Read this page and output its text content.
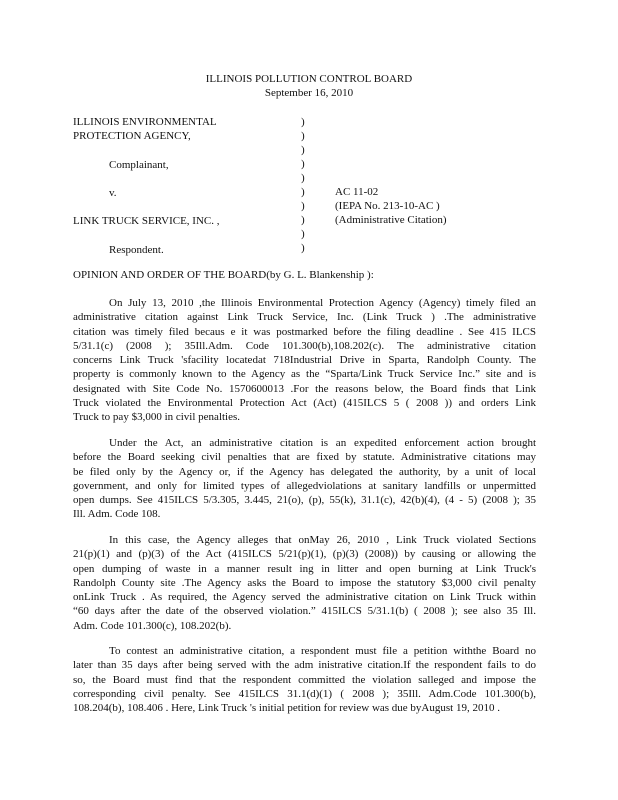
ILLINOIS POLLUTION CONTROL BOARD
September 16, 2010
ILLINOIS ENVIRONMENTAL
PROTECTION AGENCY,
Complainant,
v.
LINK TRUCK SERVICE, INC. ,
Respondent.
)
)
)
)
)
)
)
)
)
)
AC 11-02
(IEPA No. 213-10-AC )
(Administrative Citation)
OPINION AND ORDER OF THE BOARD(by G. L. Blankenship ):
On July 13, 2010 ,the Illinois Environmental Protection Agency (Agency) timely filed an
administrative citation against Link Truck Service, Inc. (Link Truck ) .The administrative
citation was timely filed becaus e it was postmarked before the filing deadline . See 415 ILCS
5/31.1(c) (2008 ); 35Ill.Adm. Code 101.300(b),108.202(c). The administrative citation
concerns Link Truck 'sfacility locatedat 718Industrial Drive in Sparta, Randolph County. The
property is commonly known to the Agency as the “Sparta/Link Truck Service Inc.” site and is
designated with Site Code No. 1570600013 .For the reasons below, the Board finds that Link
Truck violated the Environmental Protection Act (Act) (415ILCS 5 ( 2008 )) and orders Link
Truck to pay $3,000 in civil penalties.
Under the Act, an administrative citation is an expedited enforcement action brought
before the Board seeking civil penalties that are fixed by statute. Administrative citations may
be filed only by the Agency or, if the Agency has delegated the authority, by a unit of local
government, and only for limited types of allegedviolations at sanitary landfills or unpermitted
open dumps. See 415ILCS 5/3.305, 3.445, 21(o), (p), 55(k), 31.1(c), 42(b)(4), (4 - 5) (2008 ); 35
Ill. Adm. Code 108.
In this case, the Agency alleges that onMay 26, 2010 , Link Truck violated Sections
21(p)(1) and (p)(3) of the Act (415ILCS 5/21(p)(1), (p)(3) (2008)) by causing or allowing the
open dumping of waste in a manner result ing in litter and open burning at Link Truck's
Randolph County site .The Agency asks the Board to impose the statutory $3,000 civil penalty
onLink Truck . As required, the Agency served the administrative citation on Link Truck within
“60 days after the date of the observed violation.” 415ILCS 5/31.1(b) ( 2008 ); see also 35 Ill.
Adm. Code 101.300(c), 108.202(b).
To contest an administrative citation, a respondent must file a petition withthe Board no
later than 35 days after being served with the adm inistrative citation.If the respondent fails to do
so, the Board must find that the respondent committed the violation salleged and impose the
corresponding civil penalty. See 415ILCS 31.1(d)(1) ( 2008 ); 35Ill. Adm.Code 101.300(b),
108.204(b), 108.406 . Here, Link Truck 's initial petition for review was due byAugust 19, 2010 .
